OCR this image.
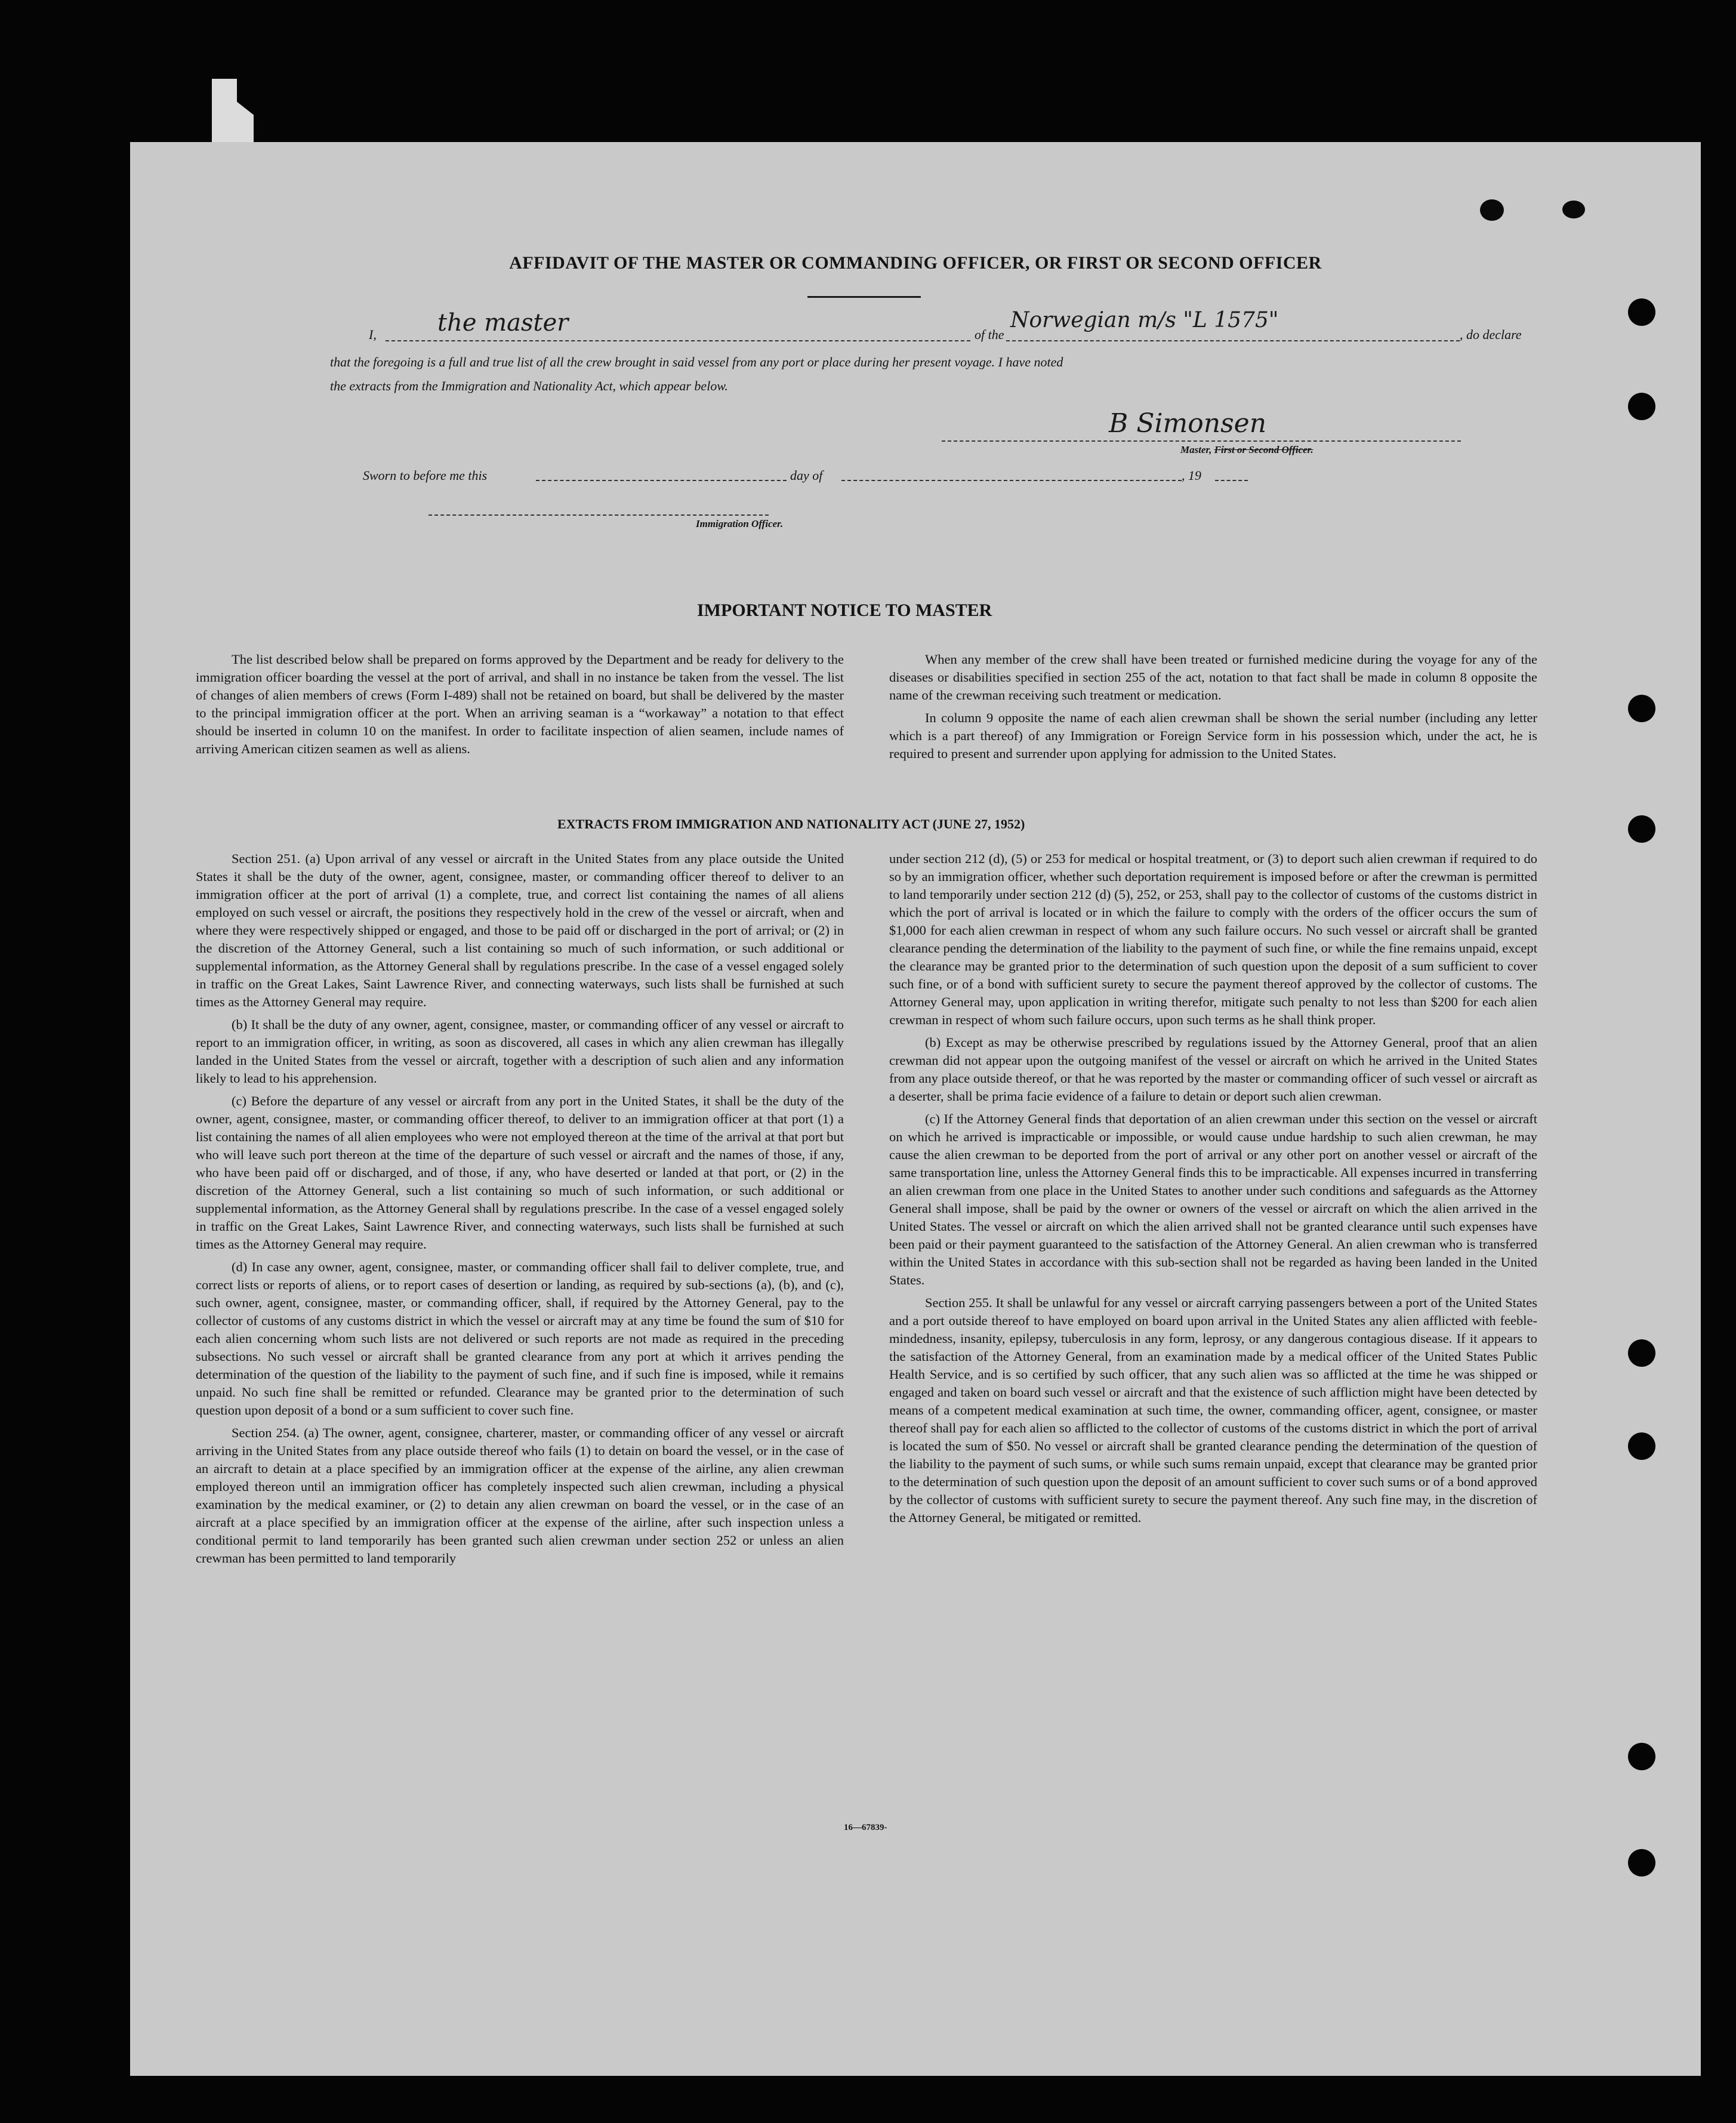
AFFIDAVIT OF THE MASTER OR COMMANDING OFFICER, OR FIRST OR SECOND OFFICER
I,	the master	of the
Norwegian m/s "L 1575"
, do declare
that the foregoing is a full and true list of all the crew brought in said vessel from any port or place during her present voyage. I have noted
the extracts from the Immigration and Nationality Act, which appear below.
B Simonsen
Master, First or Second Officer.
Sworn to before me this	day of	, 19
Immigration Officer.
IMPORTANT NOTICE TO MASTER

The list described below shall be prepared on forms approved by the Department and be ready for delivery to the immigration officer boarding the vessel at the port of arrival, and shall in no instance be taken from the vessel. The list of changes of alien members of crews (Form I-489) shall not be retained on board, but shall be delivered by the master to the principal immigration officer at the port. When an arriving seaman is a “workaway” a notation to that effect should be inserted in column 10 on the manifest. In order to facilitate inspection of alien seamen, include names of arriving American citizen seamen as well as aliens.

When any member of the crew shall have been treated or furnished medicine during the voyage for any of the diseases or disabilities specified in section 255 of the act, notation to that fact shall be made in column 8 opposite the name of the crewman receiving such treatment or medication.

In column 9 opposite the name of each alien crewman shall be shown the serial number (including any letter which is a part thereof) of any Immigration or Foreign Service form in his possession which, under the act, he is required to present and surrender upon applying for admission to the United States.

EXTRACTS FROM IMMIGRATION AND NATIONALITY ACT (JUNE 27, 1952)

Section 251. (a) Upon arrival of any vessel or aircraft in the United States from any place outside the United States it shall be the duty of the owner, agent, consignee, master, or commanding officer thereof to deliver to an immigration officer at the port of arrival (1) a complete, true, and correct list containing the names of all aliens employed on such vessel or aircraft, the positions they respectively hold in the crew of the vessel or aircraft, when and where they were respectively shipped or engaged, and those to be paid off or discharged in the port of arrival; or (2) in the discretion of the Attorney General, such a list containing so much of such information, or such additional or supplemental information, as the Attorney General shall by regulations prescribe. In the case of a vessel engaged solely in traffic on the Great Lakes, Saint Lawrence River, and connecting waterways, such lists shall be furnished at such times as the Attorney General may require.

(b) It shall be the duty of any owner, agent, consignee, master, or commanding officer of any vessel or aircraft to report to an immigration officer, in writing, as soon as discovered, all cases in which any alien crewman has illegally landed in the United States from the vessel or aircraft, together with a description of such alien and any information likely to lead to his apprehension.

(c) Before the departure of any vessel or aircraft from any port in the United States, it shall be the duty of the owner, agent, consignee, master, or commanding officer thereof, to deliver to an immigration officer at that port (1) a list containing the names of all alien employees who were not employed thereon at the time of the arrival at that port but who will leave such port thereon at the time of the departure of such vessel or aircraft and the names of those, if any, who have been paid off or discharged, and of those, if any, who have deserted or landed at that port, or (2) in the discretion of the Attorney General, such a list containing so much of such information, or such additional or supplemental information, as the Attorney General shall by regulations prescribe. In the case of a vessel engaged solely in traffic on the Great Lakes, Saint Lawrence River, and connecting waterways, such lists shall be furnished at such times as the Attorney General may require.

(d) In case any owner, agent, consignee, master, or commanding officer shall fail to deliver complete, true, and correct lists or reports of aliens, or to report cases of desertion or landing, as required by sub-sections (a), (b), and (c), such owner, agent, consignee, master, or commanding officer, shall, if required by the Attorney General, pay to the collector of customs of any customs district in which the vessel or aircraft may at any time be found the sum of $10 for each alien concerning whom such lists are not delivered or such reports are not made as required in the preceding subsections. No such vessel or aircraft shall be granted clearance from any port at which it arrives pending the determination of the question of the liability to the payment of such fine, and if such fine is imposed, while it remains unpaid. No such fine shall be remitted or refunded. Clearance may be granted prior to the determination of such question upon deposit of a bond or a sum sufficient to cover such fine.

Section 254. (a) The owner, agent, consignee, charterer, master, or commanding officer of any vessel or aircraft arriving in the United States from any place outside thereof who fails (1) to detain on board the vessel, or in the case of an aircraft to detain at a place specified by an immigration officer at the expense of the airline, any alien crewman employed thereon until an immigration officer has completely inspected such alien crewman, including a physical examination by the medical examiner, or (2) to detain any alien crewman on board the vessel, or in the case of an aircraft at a place specified by an immigration officer at the expense of the airline, after such inspection unless a conditional permit to land temporarily has been granted such alien crewman under section 252 or unless an alien crewman has been permitted to land temporarily

under section 212 (d), (5) or 253 for medical or hospital treatment, or (3) to deport such alien crewman if required to do so by an immigration officer, whether such deportation requirement is imposed before or after the crewman is permitted to land temporarily under section 212 (d) (5), 252, or 253, shall pay to the collector of customs of the customs district in which the port of arrival is located or in which the failure to comply with the orders of the officer occurs the sum of $1,000 for each alien crewman in respect of whom any such failure occurs. No such vessel or aircraft shall be granted clearance pending the determination of the liability to the payment of such fine, or while the fine remains unpaid, except the clearance may be granted prior to the determination of such question upon the deposit of a sum sufficient to cover such fine, or of a bond with sufficient surety to secure the payment thereof approved by the collector of customs. The Attorney General may, upon application in writing therefor, mitigate such penalty to not less than $200 for each alien crewman in respect of whom such failure occurs, upon such terms as he shall think proper.

(b) Except as may be otherwise prescribed by regulations issued by the Attorney General, proof that an alien crewman did not appear upon the outgoing manifest of the vessel or aircraft on which he arrived in the United States from any place outside thereof, or that he was reported by the master or commanding officer of such vessel or aircraft as a deserter, shall be prima facie evidence of a failure to detain or deport such alien crewman.

(c) If the Attorney General finds that deportation of an alien crewman under this section on the vessel or aircraft on which he arrived is impracticable or impossible, or would cause undue hardship to such alien crewman, he may cause the alien crewman to be deported from the port of arrival or any other port on another vessel or aircraft of the same transportation line, unless the Attorney General finds this to be impracticable. All expenses incurred in transferring an alien crewman from one place in the United States to another under such conditions and safeguards as the Attorney General shall impose, shall be paid by the owner or owners of the vessel or aircraft on which the alien arrived in the United States. The vessel or aircraft on which the alien arrived shall not be granted clearance until such expenses have been paid or their payment guaranteed to the satisfaction of the Attorney General. An alien crewman who is transferred within the United States in accordance with this sub-section shall not be regarded as having been landed in the United States.

Section 255. It shall be unlawful for any vessel or aircraft carrying passengers between a port of the United States and a port outside thereof to have employed on board upon arrival in the United States any alien afflicted with feeble-mindedness, insanity, epilepsy, tuberculosis in any form, leprosy, or any dangerous contagious disease. If it appears to the satisfaction of the Attorney General, from an examination made by a medical officer of the United States Public Health Service, and is so certified by such officer, that any such alien was so afflicted at the time he was shipped or engaged and taken on board such vessel or aircraft and that the existence of such affliction might have been detected by means of a competent medical examination at such time, the owner, commanding officer, agent, consignee, or master thereof shall pay for each alien so afflicted to the collector of customs of the customs district in which the port of arrival is located the sum of $50. No vessel or aircraft shall be granted clearance pending the determination of the question of the liability to the payment of such sums, or while such sums remain unpaid, except that clearance may be granted prior to the determination of such question upon the deposit of an amount sufficient to cover such sums or of a bond approved by the collector of customs with sufficient surety to secure the payment thereof. Any such fine may, in the discretion of the Attorney General, be mitigated or remitted.

16—67839-
